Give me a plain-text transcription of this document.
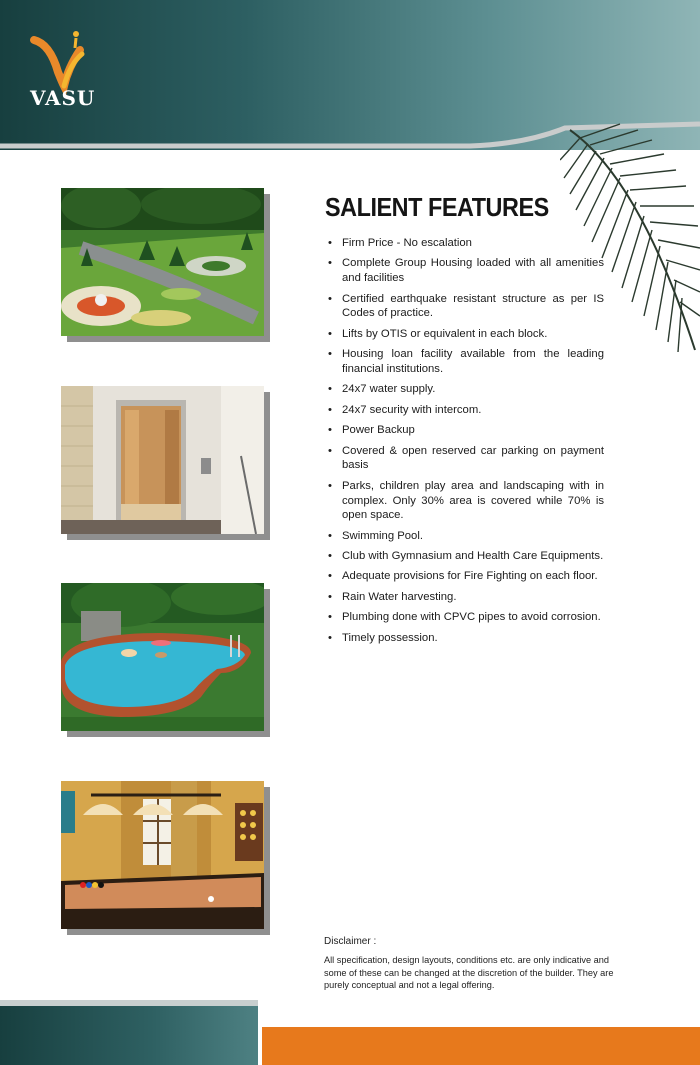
VASU
SALIENT FEATURES
• Firm Price - No escalation
• Complete Group Housing loaded with all amenities and facilities
• Certified earthquake resistant structure as per IS Codes of practice.
• Lifts by OTIS or equivalent in each block.
• Housing loan facility available from the leading financial institutions.
• 24x7 water supply.
• 24x7 security with intercom.
• Power Backup
• Covered & open reserved car parking on payment basis
• Parks, children play area and landscaping with in complex. Only 30% area is covered while 70% is open space.
• Swimming Pool.
• Club with Gymnasium and Health Care Equipments.
• Adequate provisions for Fire Fighting on each floor.
• Rain Water harvesting.
• Plumbing done with CPVC pipes to avoid corrosion.
• Timely possession.

Disclaimer :

All specification, design layouts, conditions etc. are only indicative and some of these can be changed at the discretion of the builder. They are purely conceptual and not a legal offering.
